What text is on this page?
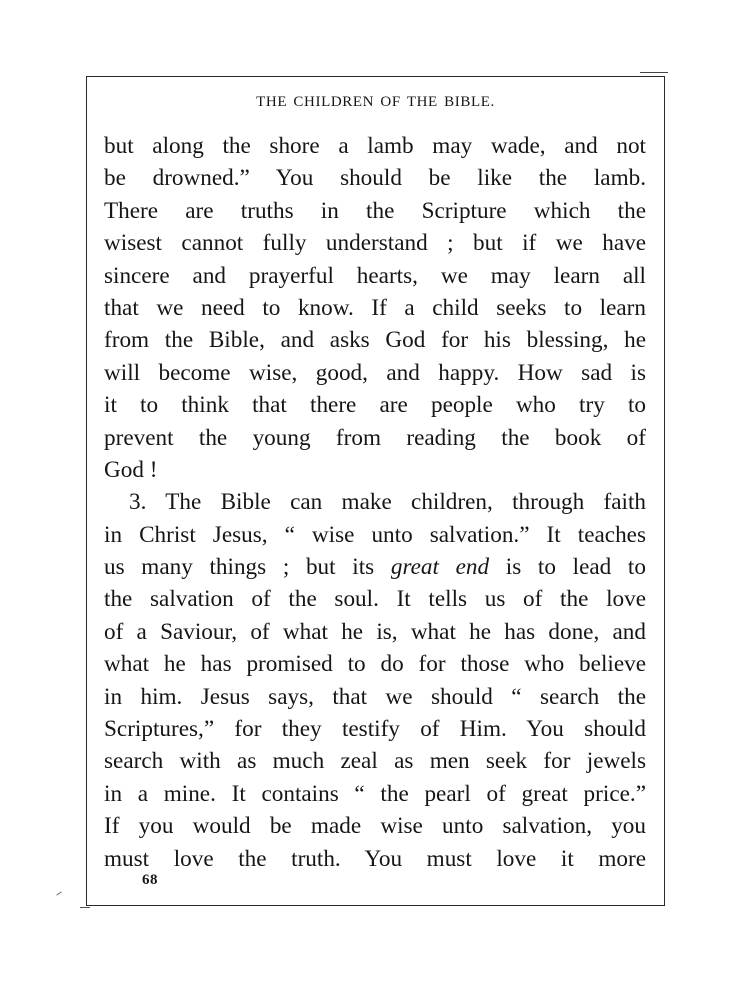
THE CHILDREN OF THE BIBLE.
but along the shore a lamb may wade, and not
be drowned.” You should be like the lamb.
There are truths in the Scripture which the
wisest cannot fully understand ; but if we have
sincere and prayerful hearts, we may learn all
that we need to know. If a child seeks to learn
from the Bible, and asks God for his blessing, he
will become wise, good, and happy. How sad is
it to think that there are people who try to
prevent the young from reading the book of
God !
3. The Bible can make children, through faith
in Christ Jesus, “ wise unto salvation.” It teaches
us many things ; but its great end is to lead to
the salvation of the soul. It tells us of the love
of a Saviour, of what he is, what he has done, and
what he has promised to do for those who believe
in him. Jesus says, that we should “ search the
Scriptures,” for they testify of Him. You should
search with as much zeal as men seek for jewels
in a mine. It contains “ the pearl of great price.”
If you would be made wise unto salvation, you
must love the truth. You must love it more
68
